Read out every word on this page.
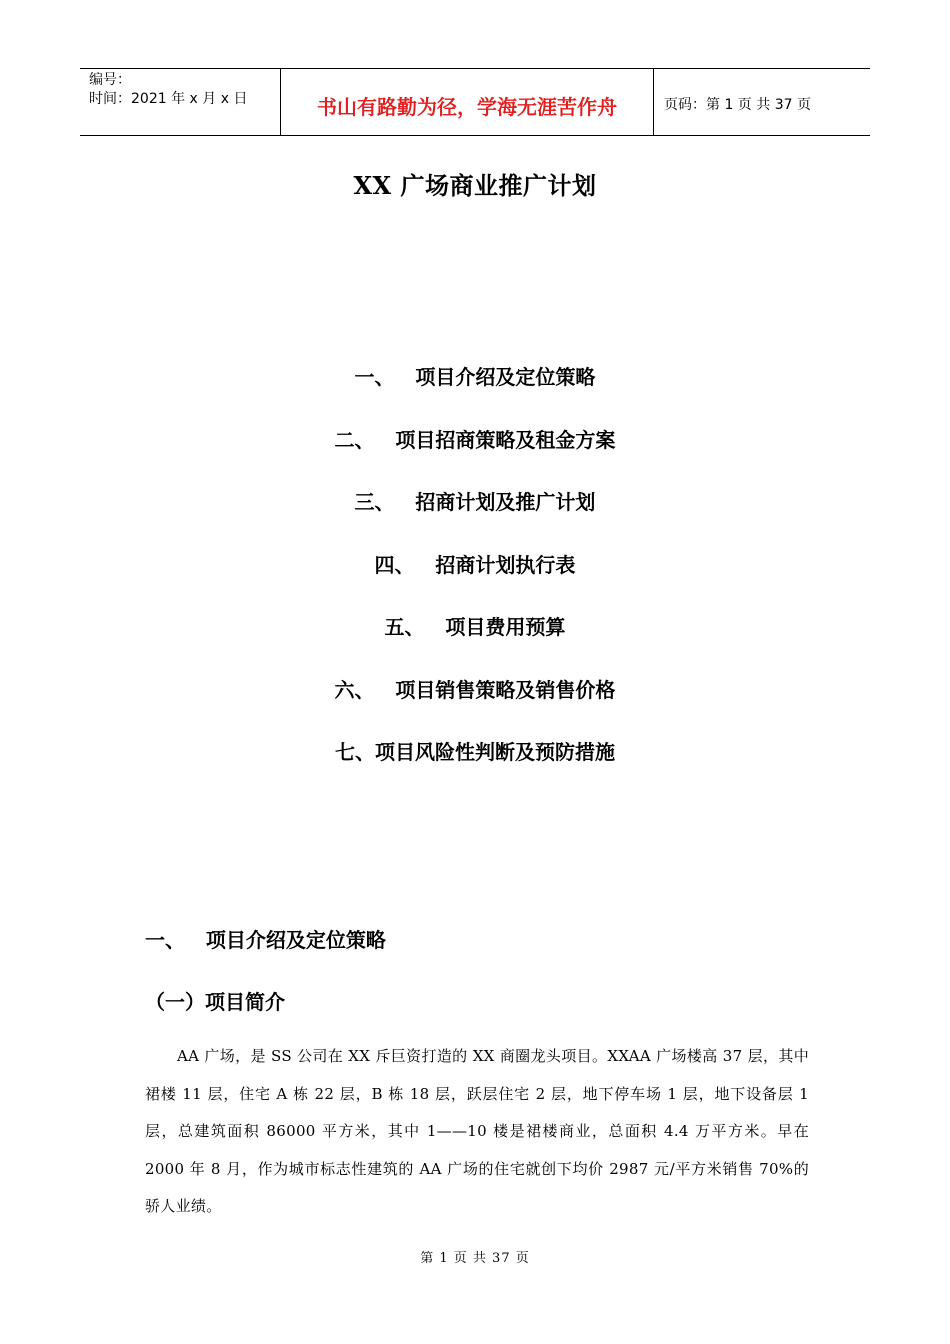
编号：
时间：2021 年 x 月 x 日	书山有路勤为径，学海无涯苦作舟	页码：第 1 页 共 37 页
XX 广场商业推广计划
一、   项目介绍及定位策略
二、   项目招商策略及租金方案
三、   招商计划及推广计划
四、   招商计划执行表
五、   项目费用预算
六、   项目销售策略及销售价格
七、项目风险性判断及预防措施
一、   项目介绍及定位策略
（一）项目简介
AA 广场，是 SS 公司在 XX 斥巨资打造的 XX 商圈龙头项目。XXAA 广场楼高 37 层，其中裙楼 11 层，住宅 A 栋 22 层，B 栋 18 层，跃层住宅 2 层，地下停车场 1 层，地下设备层 1 层，总建筑面积 86000 平方米，其中 1——10 楼是裙楼商业，总面积 4.4 万平方米。早在 2000 年 8 月，作为城市标志性建筑的 AA 广场的住宅就创下均价 2987 元/平方米销售 70%的骄人业绩。
第 1 页 共 37 页
